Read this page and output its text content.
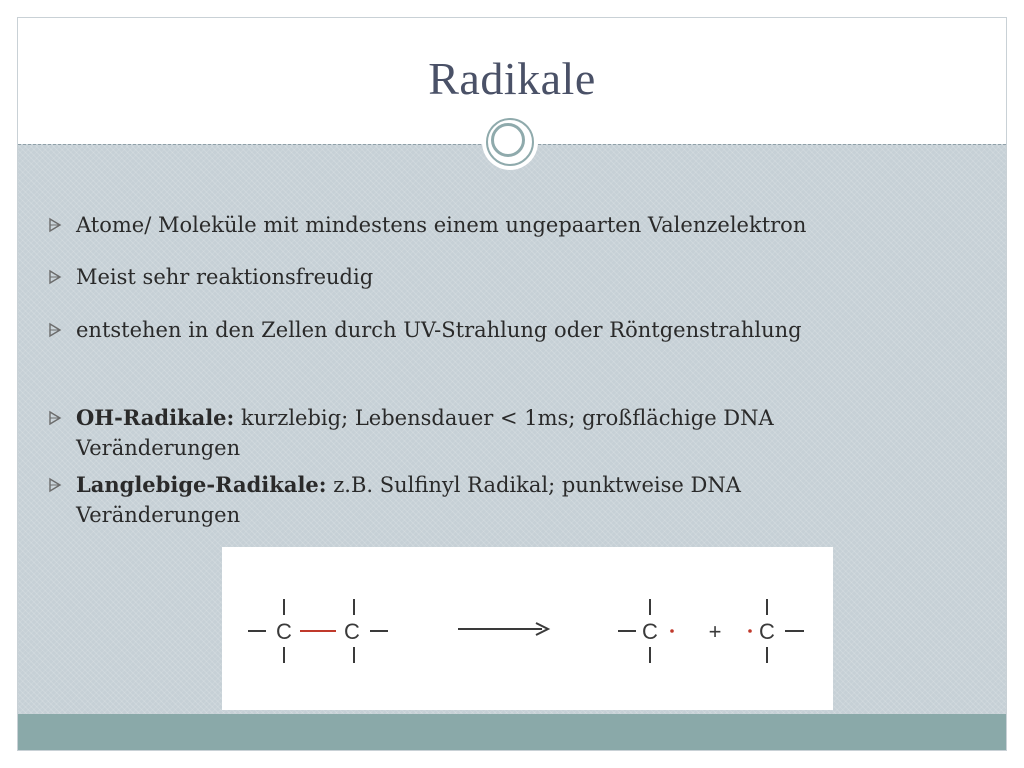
Radikale
Atome/ Moleküle mit mindestens einem ungepaarten Valenzelektron
Meist sehr reaktionsfreudig
entstehen in den Zellen durch UV-Strahlung oder Röntgenstrahlung
OH-Radikale: kurzlebig; Lebensdauer < 1ms; großflächige DNA Veränderungen
Langlebige-Radikale: z.B. Sulfinyl Radikal; punktweise DNA Veränderungen
C C	C + C
